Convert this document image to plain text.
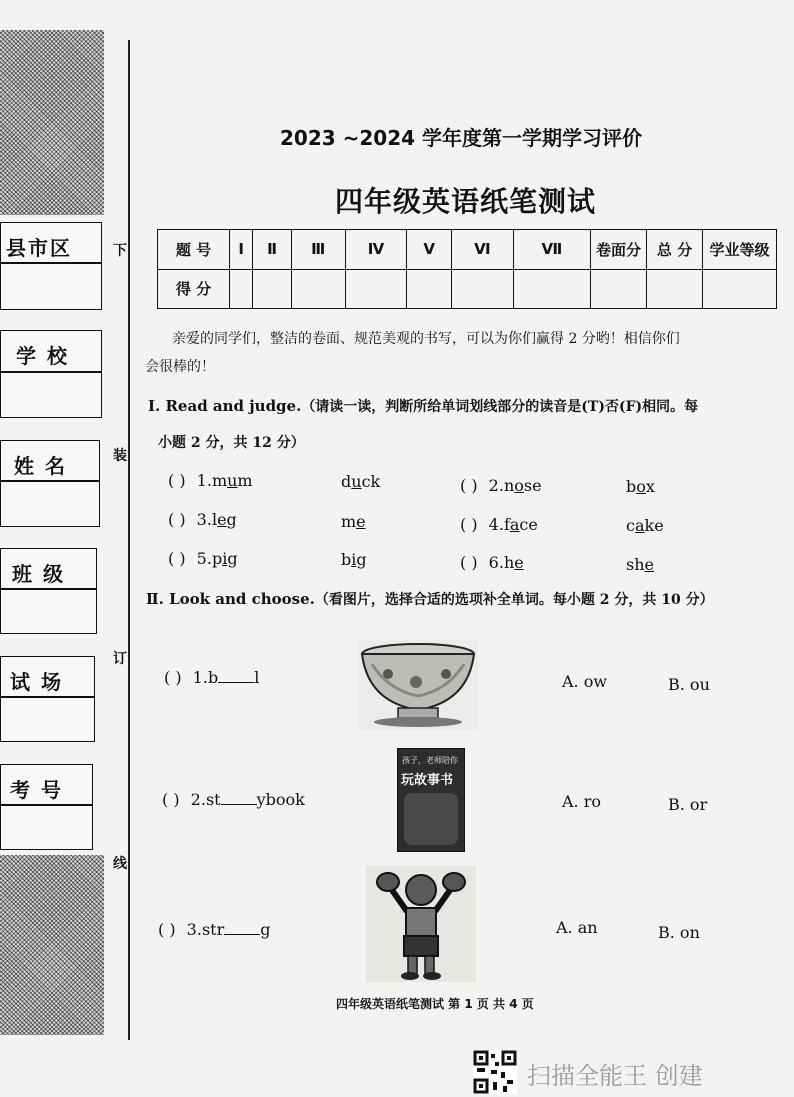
县市区
学 校
姓 名
班 级
试 场
考 号
下
装
订
线
2023 ~2024 学年度第一学期学习评价
四年级英语纸笔测试
题 号	Ⅰ	Ⅱ	Ⅲ	Ⅳ	Ⅴ	Ⅵ	Ⅶ	卷面分	总 分	学业等级
得 分										
亲爱的同学们，整洁的卷面、规范美观的书写，可以为你们赢得 2 分哟！相信你们
会很棒的！
Ⅰ. Read and judge.（请读一读，判断所给单词划线部分的读音是(T)否(F)相同。每
小题 2 分，共 12 分）
( ) 1.mum	duck	( ) 2.nose	box
( ) 3.leg	me	( ) 4.face	cake
( ) 5.pig	big	( ) 6.he	she
Ⅱ. Look and choose.（看图片，选择合适的选项补全单词。每小题 2 分，共 10 分）
( ) 1.b l	A. ow	B. ou
( ) 2.st ybook	A. ro	B. or
孩子，老师陪你
玩故事书
( ) 3.str g	A. an	B. on
四年级英语纸笔测试 第 1 页 共 4 页
扫描全能王 创建
